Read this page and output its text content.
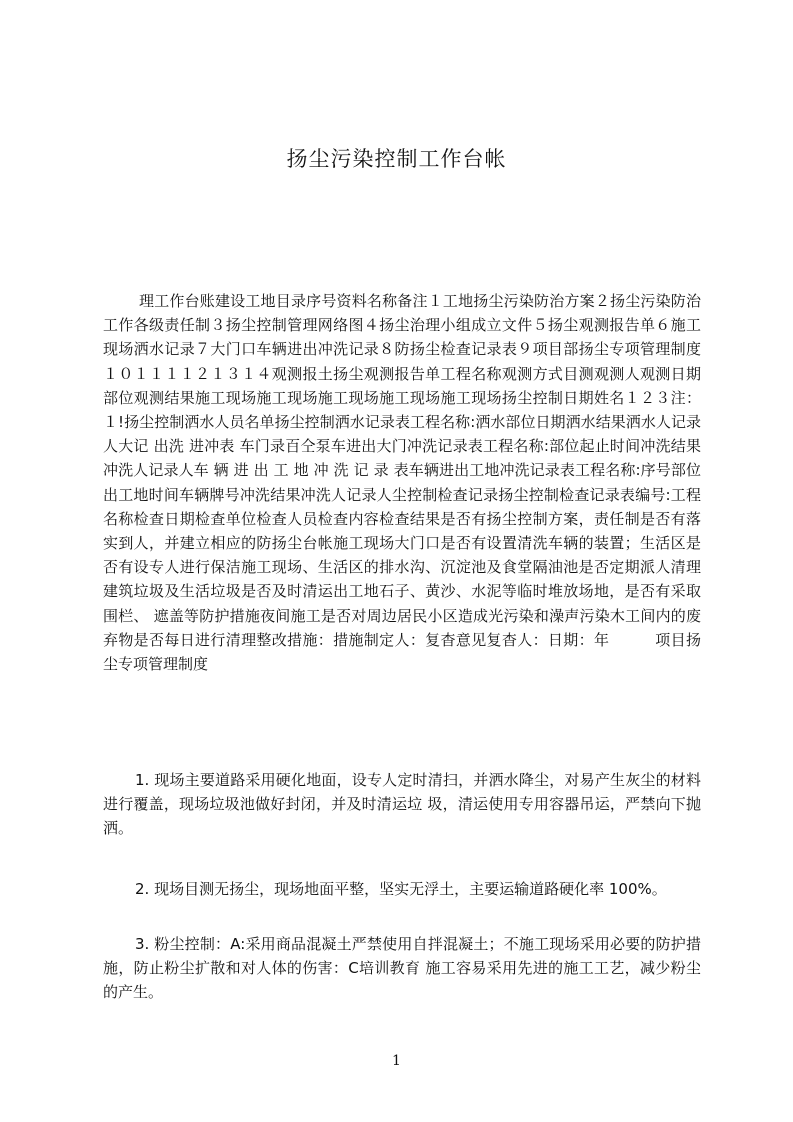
扬尘污染控制工作台帐
理工作台账建设工地目录序号资料名称备注１工地扬尘污染防治方案２扬尘污染防治工作各级责任制３扬尘控制管理网络图４扬尘治理小组成立文件５扬尘观测报告单６施工现场洒水记录７大门口车辆进出冲洗记录８防扬尘检查记录表９项目部扬尘专项管理制度１０１１１１２１３１４观测报土扬尘观测报告单工程名称观测方式目测观测人观测日期部位观测结果施工现场施工现场施工现场施工现场施工现场扬尘控制日期姓名１２３注：１!扬尘控制洒水人员名单扬尘控制洒水记录表工程名称:洒水部位日期洒水结果洒水人记录人大记 出洗 进冲表 车门录百仝泵车进出大门冲洗记录表工程名称:部位起止时间冲洗结果冲洗人记录人车 辆 进 出 工 地 冲 洗 记 录 表车辆进出工地冲洗记录表工程名称:序号部位出工地时间车辆牌号冲洗结果冲洗人记录人尘控制检查记录扬尘控制检查记录表编号:工程名称检查日期检查单位检查人员检查内容检查结果是否有扬尘控制方案，责任制是否有落实到人，并建立相应的防扬尘台帐施工现场大门口是否有设置清洗车辆的装置；生活区是否有设专人进行保洁施工现场、生活区的排水沟、沉淀池及食堂隔油池是否定期派人清理建筑垃圾及生活垃圾是否及时清运出工地石子、黄沙、水泥等临时堆放场地，是否有采取围栏、 遮盖等防护措施夜间施工是否对周边居民小区造成光污染和澡声污染木工间内的废弃物是否每日进行清理整改措施：措施制定人：复杳意见复杳人：日期：年　　　项目扬尘专项管理制度
1. 现场主要道路采用硬化地面，设专人定时清扫，并洒水降尘，对易产生灰尘的材料进行覆盖，现场垃圾池做好封闭，并及时清运垃 圾，清运使用专用容器吊运，严禁向下抛洒。
2. 现场目测无扬尘，现场地面平整，坚实无浮土，主要运输道路硬化率 100%。
3. 粉尘控制：A:采用商品混凝土严禁使用自拌混凝土；不施工现场采用必要的防护措施，防止粉尘扩散和对人体的伤害：C培训教育 施工容易采用先进的施工工艺，减少粉尘的产生。
1
